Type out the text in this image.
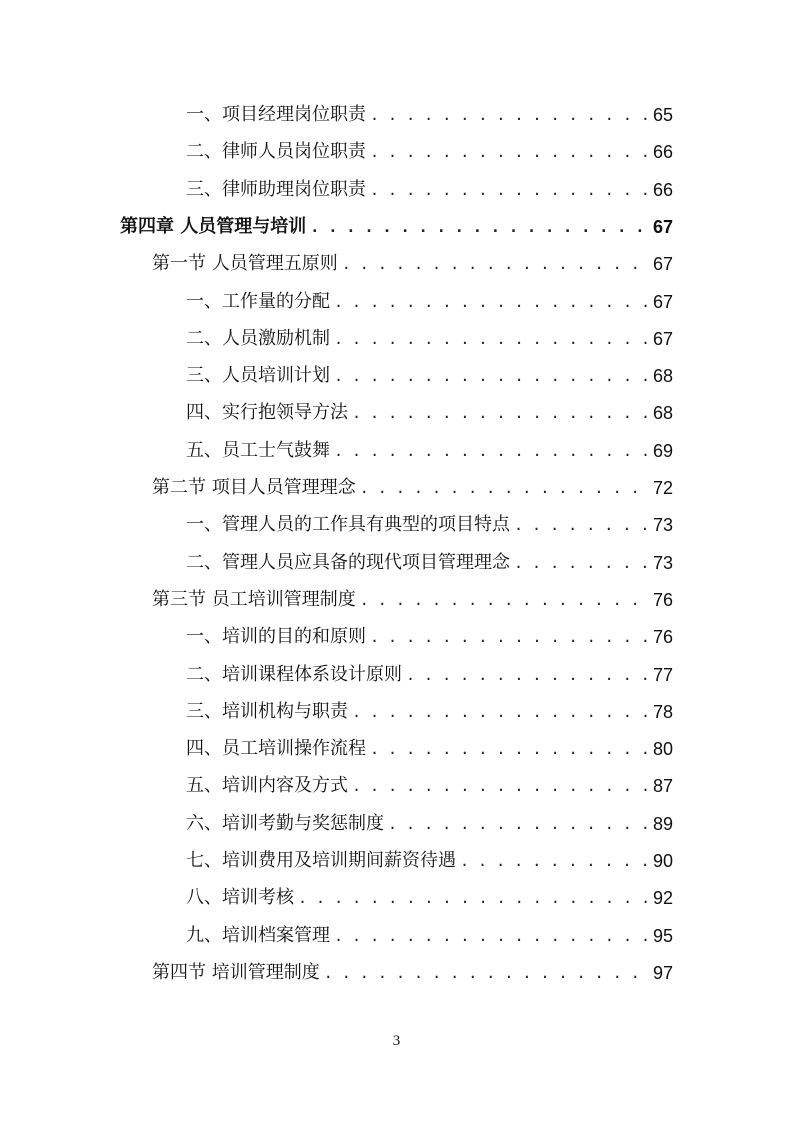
一、项目经理岗位职责 . . .	65
二、律师人员岗位职责 . . .	66
三、律师助理岗位职责 . . .	66
第四章 人员管理与培训 . . .	67
第一节 人员管理五原则 . . .	67
一、工作量的分配 . . .	67
二、人员激励机制 . . .	67
三、人员培训计划 . . .	68
四、实行抱领导方法 . . .	68
五、员工士气鼓舞 . . .	69
第二节 项目人员管理理念 . . .	72
一、管理人员的工作具有典型的项目特点 . . .	73
二、管理人员应具备的现代项目管理理念 . . .	73
第三节 员工培训管理制度 . . .	76
一、培训的目的和原则 . . .	76
二、培训课程体系设计原则 . . .	77
三、培训机构与职责 . . .	78
四、员工培训操作流程 . . .	80
五、培训内容及方式 . . .	87
六、培训考勤与奖惩制度 . . .	89
七、培训费用及培训期间薪资待遇 . . .	90
八、培训考核 . . .	92
九、培训档案管理 . . .	95
第四节 培训管理制度 . . .	97
3
